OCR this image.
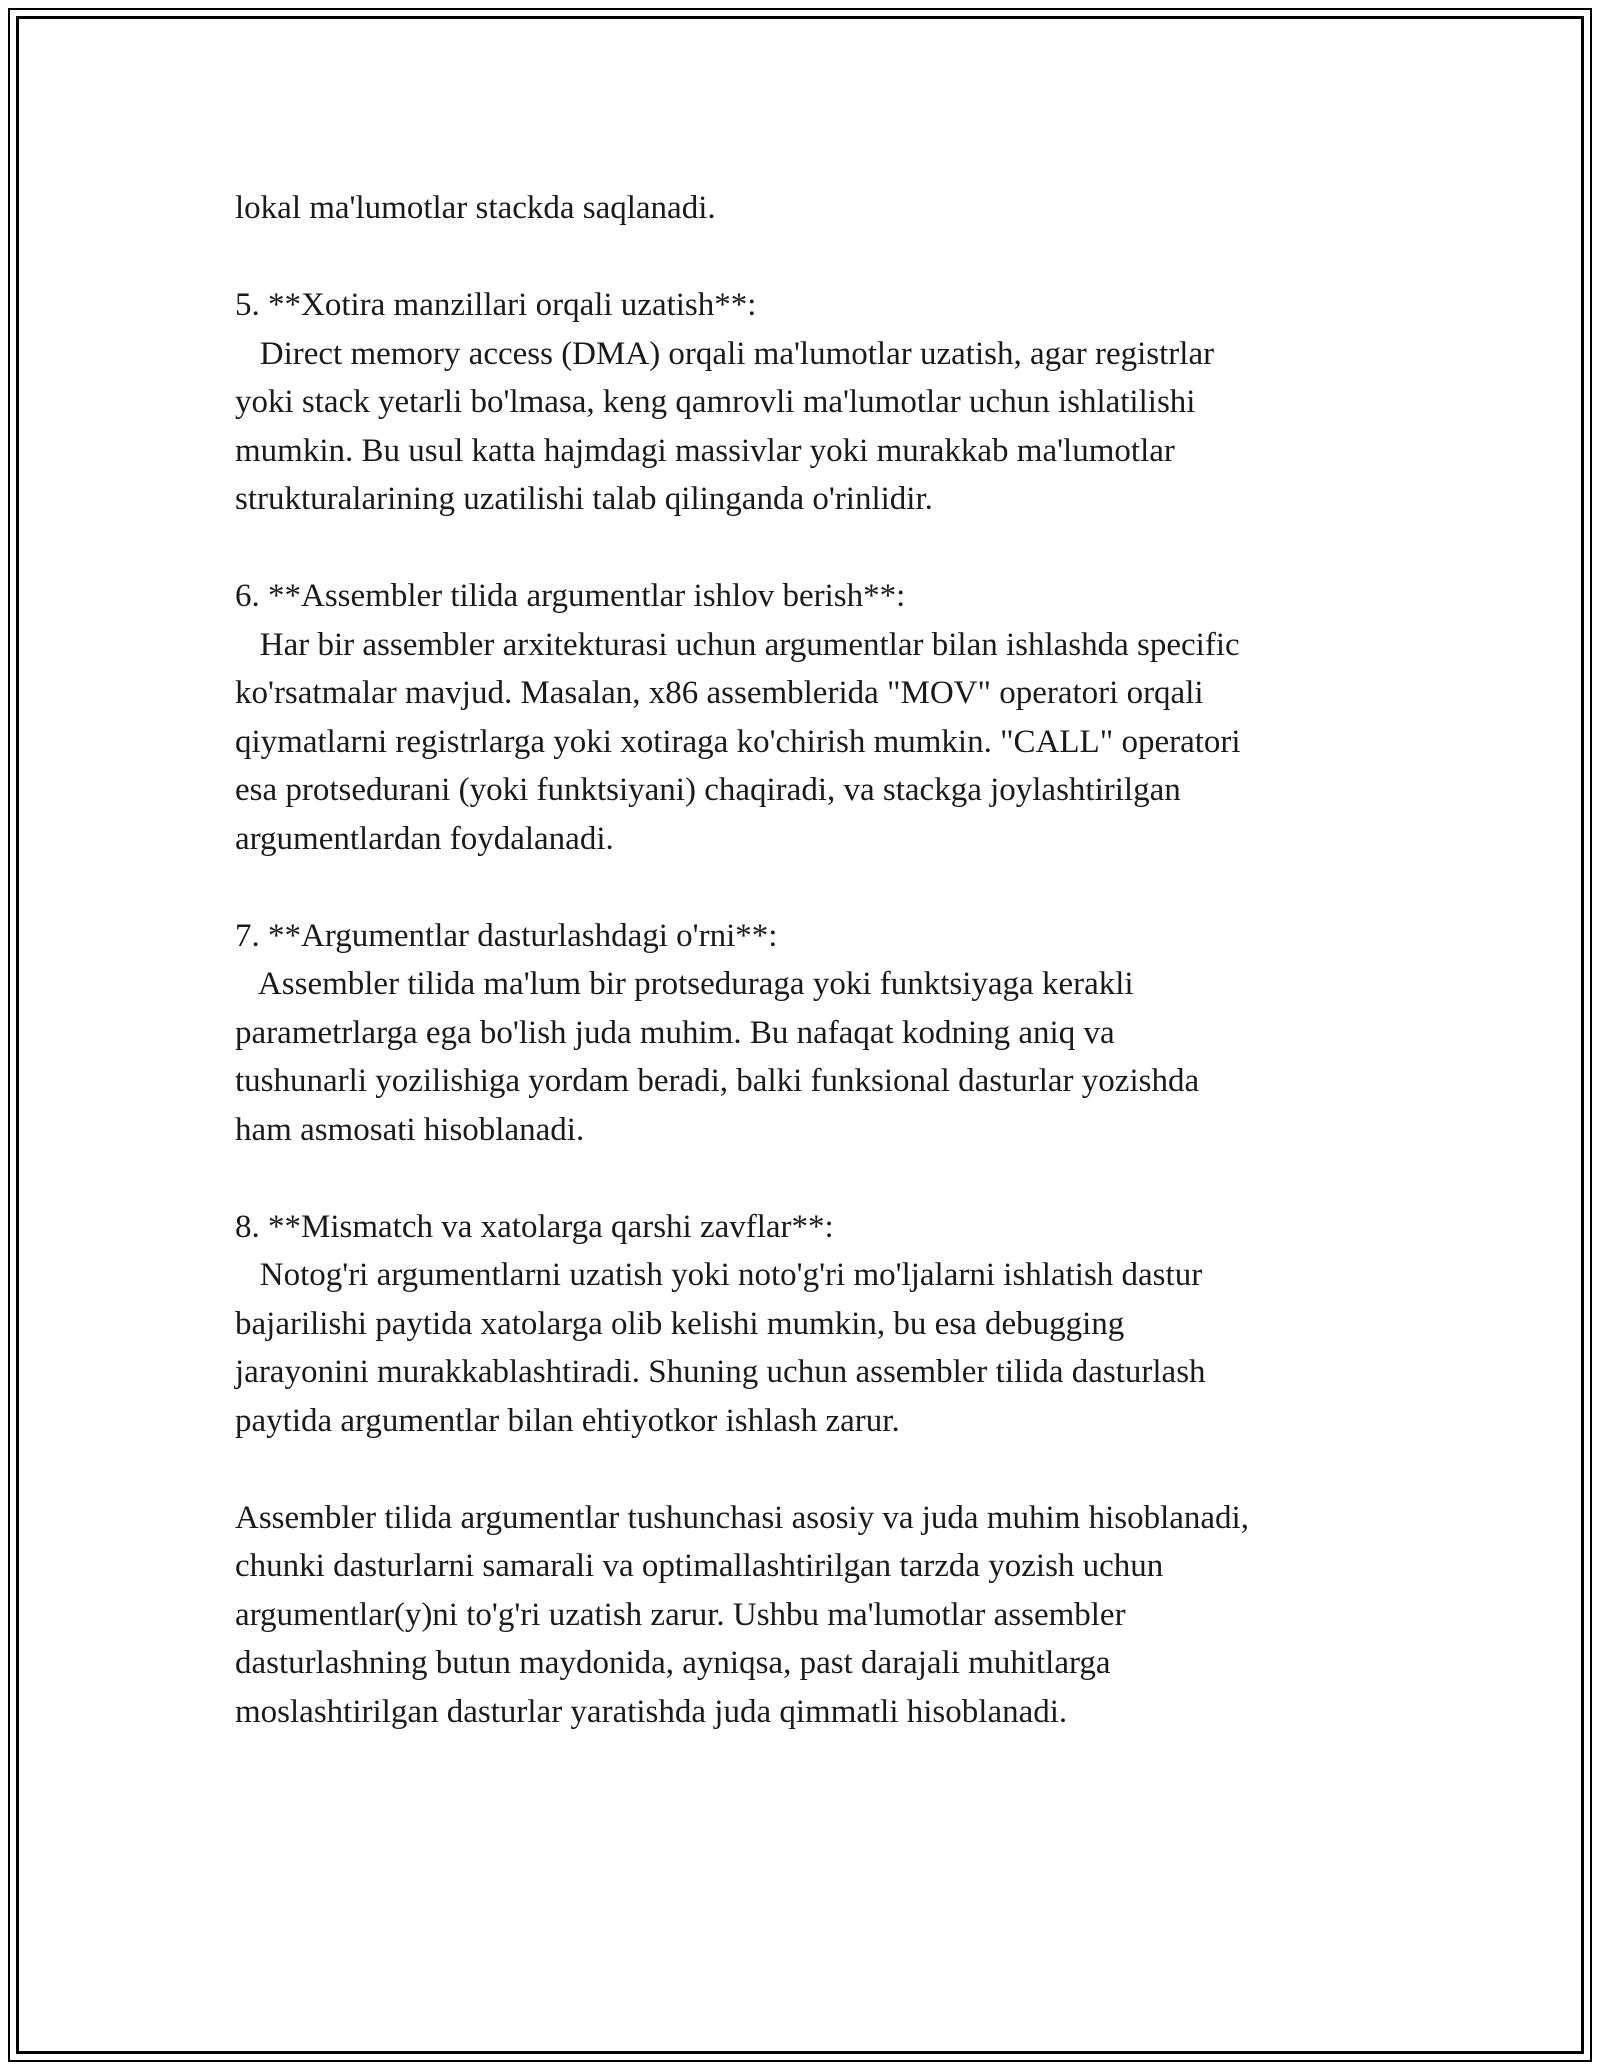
lokal ma'lumotlar stackda saqlanadi.

5. **Xotira manzillari orqali uzatish**:
Direct memory access (DMA) orqali ma'lumotlar uzatish, agar registrlar
yoki stack yetarli bo'lmasa, keng qamrovli ma'lumotlar uchun ishlatilishi
mumkin. Bu usul katta hajmdagi massivlar yoki murakkab ma'lumotlar
strukturalarining uzatilishi talab qilinganda o'rinlidir.

6. **Assembler tilida argumentlar ishlov berish**:
Har bir assembler arxitekturasi uchun argumentlar bilan ishlashda specific
ko'rsatmalar mavjud. Masalan, x86 assemblerida "MOV" operatori orqali
qiymatlarni registrlarga yoki xotiraga ko'chirish mumkin. "CALL" operatori
esa protsedurani (yoki funktsiyani) chaqiradi, va stackga joylashtirilgan
argumentlardan foydalanadi.

7. **Argumentlar dasturlashdagi o'rni**:
Assembler tilida ma'lum bir protseduraga yoki funktsiyaga kerakli
parametrlarga ega bo'lish juda muhim. Bu nafaqat kodning aniq va
tushunarli yozilishiga yordam beradi, balki funksional dasturlar yozishda
ham asmosati hisoblanadi.

8. **Mismatch va xatolarga qarshi zavflar**:
Notog'ri argumentlarni uzatish yoki noto'g'ri mo'ljalarni ishlatish dastur
bajarilishi paytida xatolarga olib kelishi mumkin, bu esa debugging
jarayonini murakkablashtiradi. Shuning uchun assembler tilida dasturlash
paytida argumentlar bilan ehtiyotkor ishlash zarur.

Assembler tilida argumentlar tushunchasi asosiy va juda muhim hisoblanadi,
chunki dasturlarni samarali va optimallashtirilgan tarzda yozish uchun
argumentlar(y)ni to'g'ri uzatish zarur. Ushbu ma'lumotlar assembler
dasturlashning butun maydonida, ayniqsa, past darajali muhitlarga
moslashtirilgan dasturlar yaratishda juda qimmatli hisoblanadi.
